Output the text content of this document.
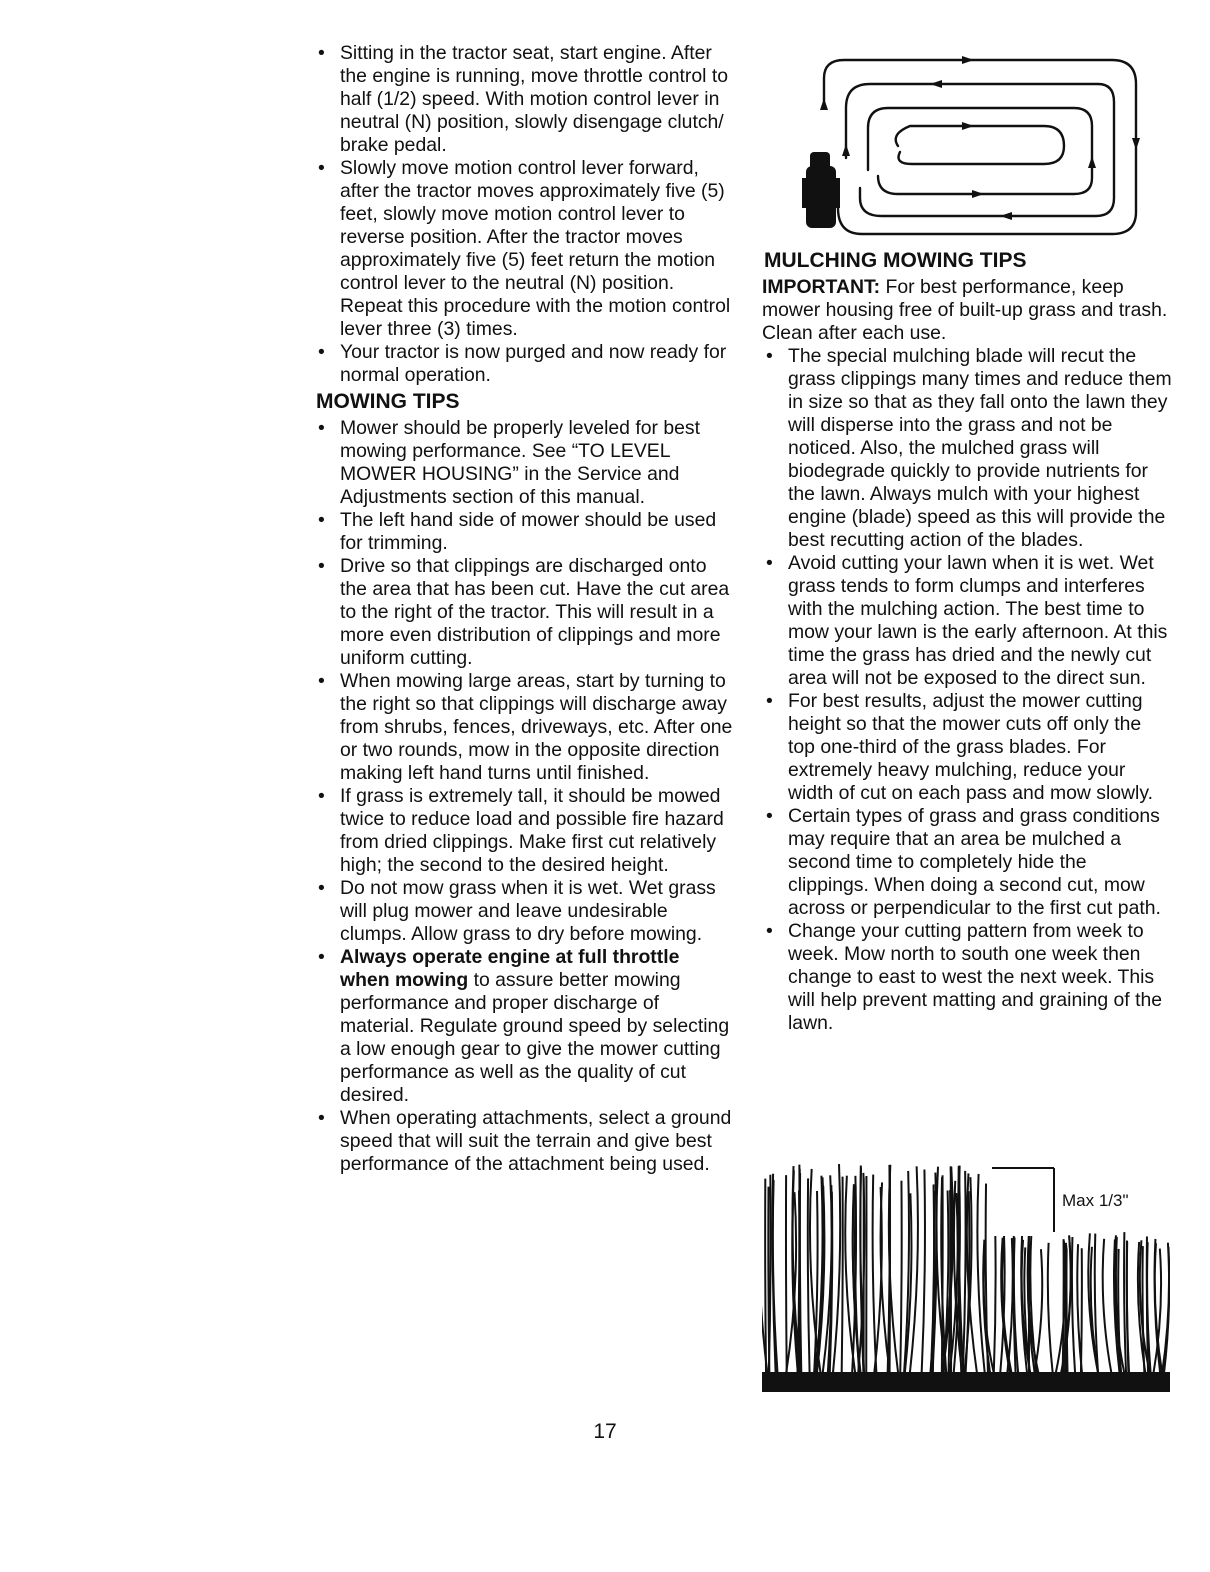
• Sitting in the tractor seat, start engine. After the engine is running, move throttle control to half (1/2) speed. With motion control lever in neutral (N) position, slowly disengage clutch/ brake pedal.
• Slowly move motion control lever forward, after the tractor moves approximately five (5) feet, slowly move motion control lever to reverse position. After the tractor moves approximately five (5) feet return the motion control lever to the neutral (N) position. Repeat this procedure with the motion control lever three (3) times.
• Your tractor is now purged and now ready for normal operation.
MOWING TIPS
• Mower should be properly leveled for best mowing performance. See “TO LEVEL MOWER HOUSING” in the Service and Adjustments section of this manual.
• The left hand side of mower should be used for trimming.
• Drive so that clippings are discharged onto the area that has been cut. Have the cut area to the right of the tractor. This will result in a more even distribution of clippings and more uniform cutting.
• When mowing large areas, start by turning to the right so that clippings will discharge away from shrubs, fences, driveways, etc. After one or two rounds, mow in the opposite direction making left hand turns until finished.
• If grass is extremely tall, it should be mowed twice to reduce load and possible fire hazard from dried clippings. Make first cut relatively high; the second to the desired height.
• Do not mow grass when it is wet. Wet grass will plug mower and leave undesirable clumps. Allow grass to dry before mowing.
• Always operate engine at full throttle when mowing to assure better mowing performance and proper discharge of material. Regulate ground speed by selecting a low enough gear to give the mower cutting performance as well as the quality of cut desired.
• When operating attachments, select a ground speed that will suit the terrain and give best performance of the attachment being used.
MULCHING MOWING TIPS
IMPORTANT: For best performance, keep mower housing free of built-up grass and trash. Clean after each use.
• The special mulching blade will recut the grass clippings many times and reduce them in size so that as they fall onto the lawn they will disperse into the grass and not be noticed. Also, the mulched grass will biodegrade quickly to provide nutrients for the lawn. Always mulch with your highest engine (blade) speed as this will provide the best recutting action of the blades.
• Avoid cutting your lawn when it is wet. Wet grass tends to form clumps and interferes with the mulching action. The best time to mow your lawn is the early afternoon. At this time the grass has dried and the newly cut area will not be exposed to the direct sun.
• For best results, adjust the mower cutting height so that the mower cuts off only the top one-third of the grass blades. For extremely heavy mulching, reduce your width of cut on each pass and mow slowly.
• Certain types of grass and grass conditions may require that an area be mulched a second time to completely hide the clippings. When doing a second cut, mow across or perpendicular to the first cut path.
• Change your cutting pattern from week to week. Mow north to south one week then change to east to west the next week. This will help prevent matting and graining of the lawn.
Max 1/3"
17
